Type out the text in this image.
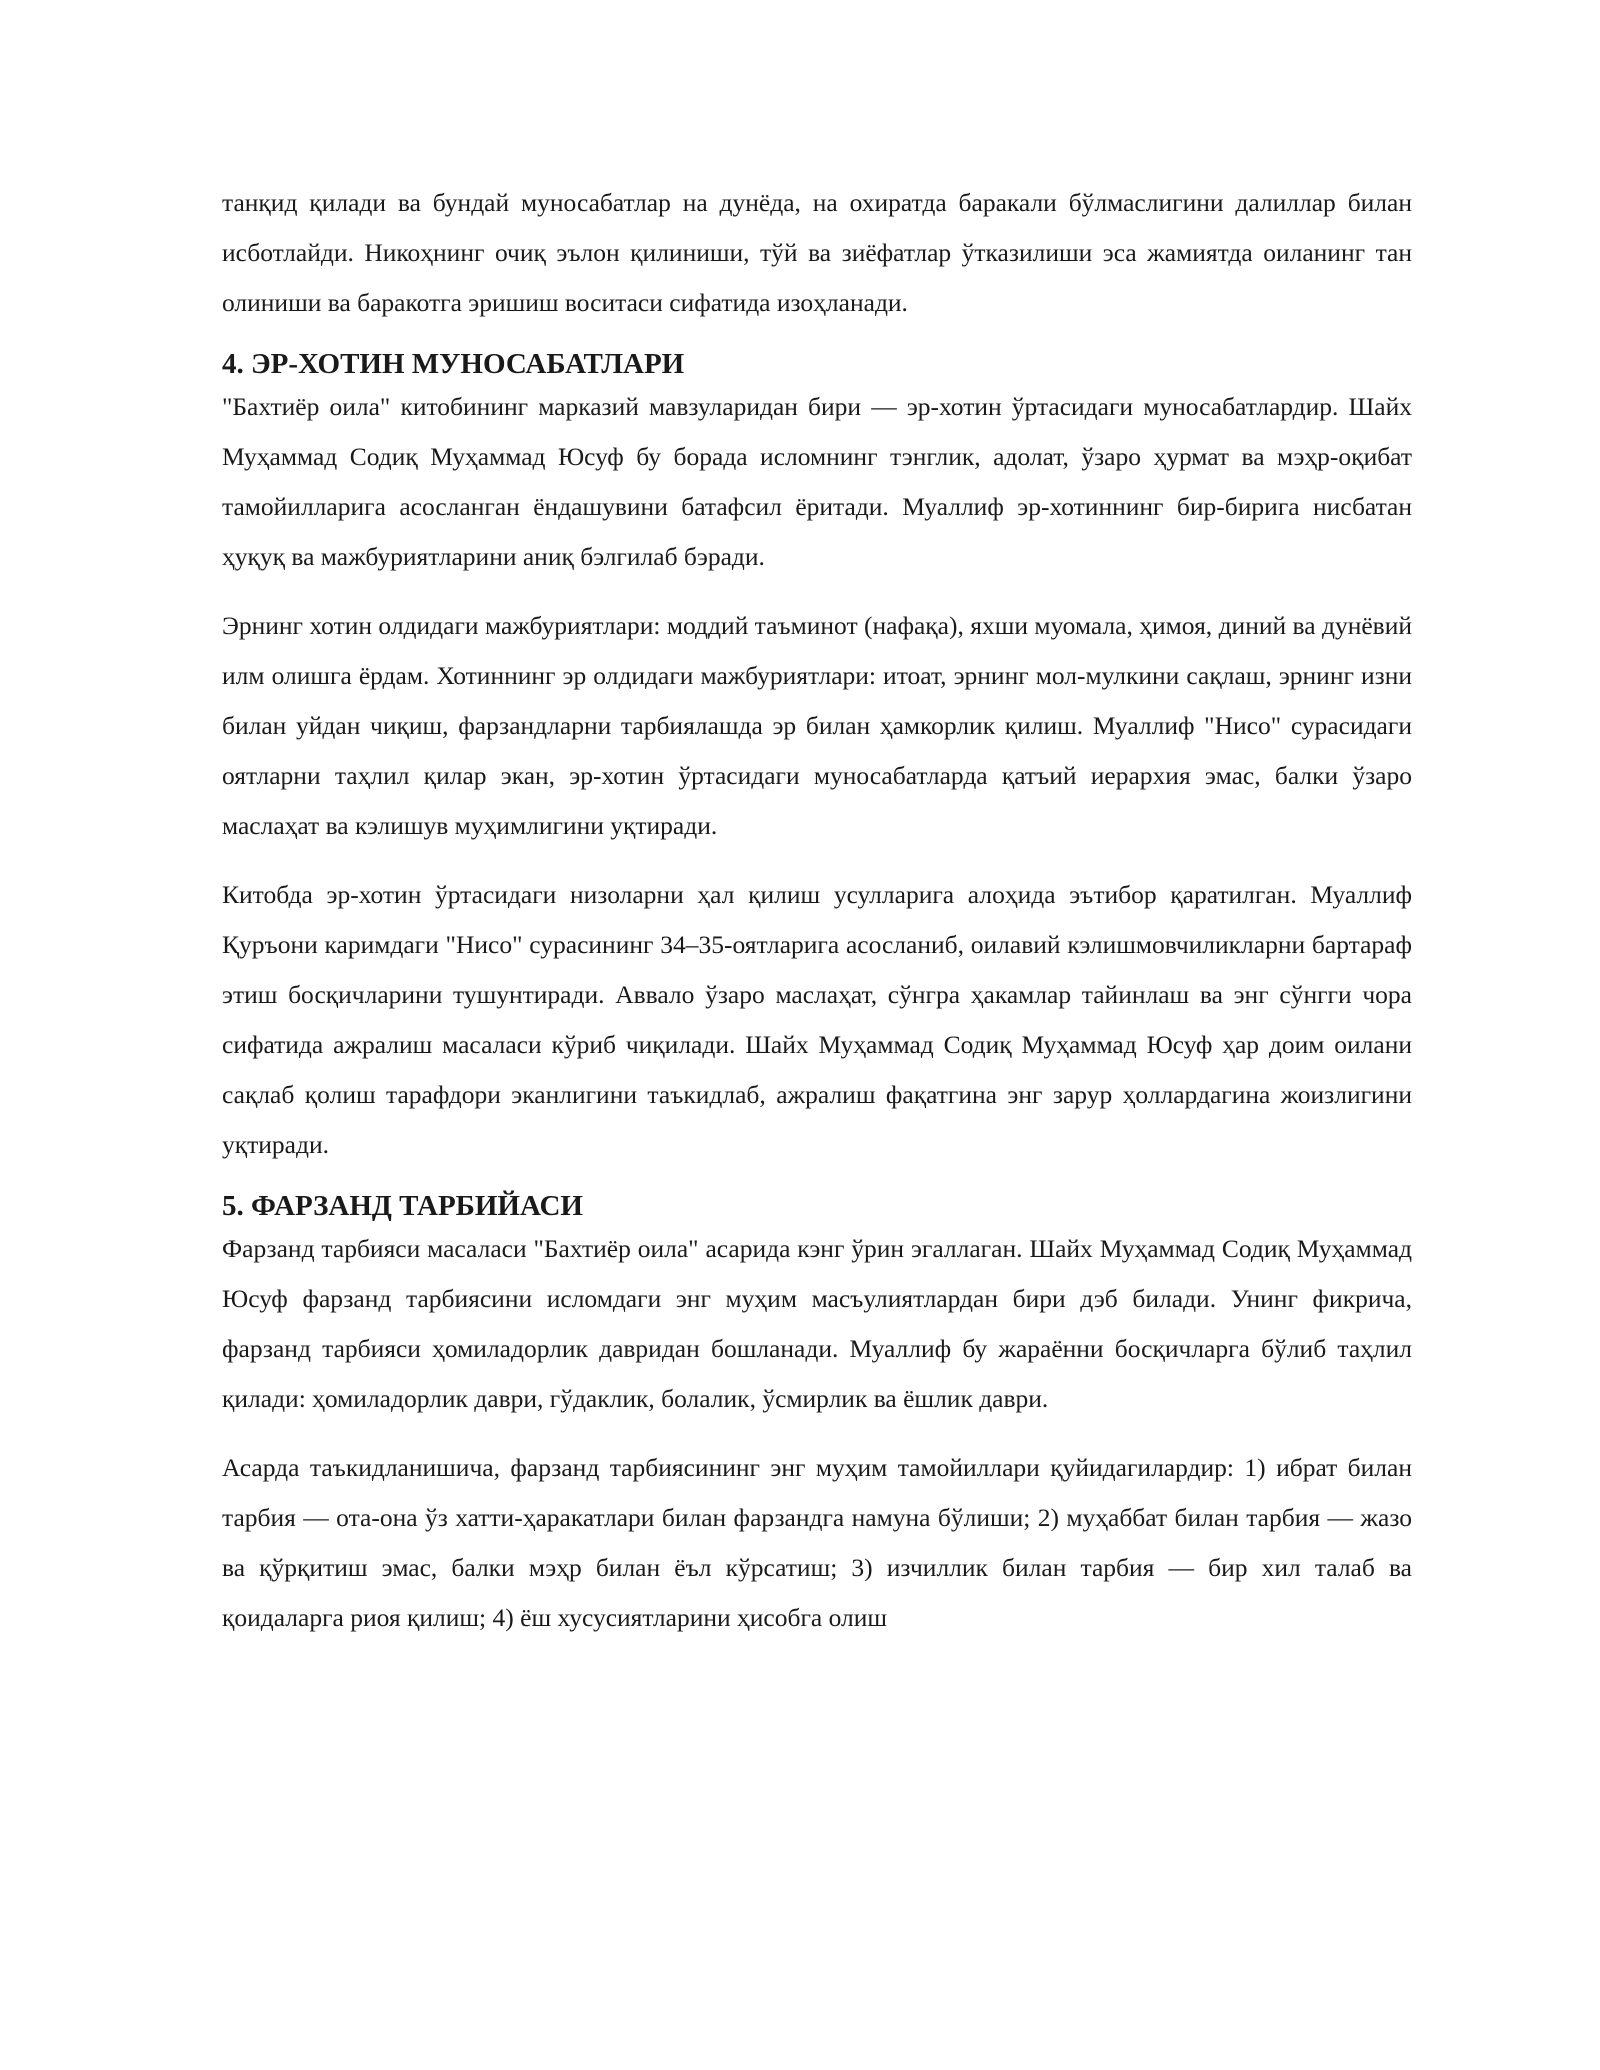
танқид қилади ва бундай муносабатлар на дунёда, на охиратда баракали бўлмаслигини далиллар билан исботлайди. Никоҳнинг очиқ эълон қилиниши, тўй ва зиёфатлар ўтказилиши эса жамиятда оиланинг тан олиниши ва баракотга эришиш воситаси сифатида изоҳланади.

4. ЭР-ХОТИН МУНОСАБАТЛАРИ

"Бахтиёр оила" китобининг марказий мавзуларидан бири — эр-хотин ўртасидаги муносабатлардир. Шайх Муҳаммад Содиқ Муҳаммад Юсуф бу борада исломнинг тэнглик, адолат, ўзаро ҳурмат ва мэҳр-оқибат тамойилларига асосланган ёндашувини батафсил ёритади. Муаллиф эр-хотиннинг бир-бирига нисбатан ҳуқуқ ва мажбуриятларини аниқ бэлгилаб бэради.

Эрнинг хотин олдидаги мажбуриятлари: моддий таъминот (нафақа), яхши муомала, ҳимоя, диний ва дунёвий илм олишга ёрдам. Хотиннинг эр олдидаги мажбуриятлари: итоат, эрнинг мол-мулкини сақлаш, эрнинг изни билан уйдан чиқиш, фарзандларни тарбиялашда эр билан ҳамкорлик қилиш. Муаллиф "Нисо" сурасидаги оятларни таҳлил қилар экан, эр-хотин ўртасидаги муносабатларда қатъий иерархия эмас, балки ўзаро маслаҳат ва кэлишув муҳимлигини уқтиради.

Китобда эр-хотин ўртасидаги низоларни ҳал қилиш усулларига алоҳида эътибор қаратилган. Муаллиф Қуръони каримдаги "Нисо" сурасининг 34–35-оятларига асосланиб, оилавий кэлишмовчиликларни бартараф этиш босқичларини тушунтиради. Аввало ўзаро маслаҳат, сўнгра ҳакамлар тайинлаш ва энг сўнгги чора сифатида ажралиш масаласи кўриб чиқилади. Шайх Муҳаммад Содиқ Муҳаммад Юсуф ҳар доим оилани сақлаб қолиш тарафдори эканлигини таъкидлаб, ажралиш фақатгина энг зарур ҳоллардагина жоизлигини уқтиради.

5. ФАРЗАНД ТАРБИЙАСИ

Фарзанд тарбияси масаласи "Бахтиёр оила" асарида кэнг ўрин эгаллаган. Шайх Муҳаммад Содиқ Муҳаммад Юсуф фарзанд тарбиясини исломдаги энг муҳим масъулиятлардан бири дэб билади. Унинг фикрича, фарзанд тарбияси ҳомиладорлик давридан бошланади. Муаллиф бу жараённи босқичларга бўлиб таҳлил қилади: ҳомиладорлик даври, гўдаклик, болалик, ўсмирлик ва ёшлик даври.

Асарда таъкидланишича, фарзанд тарбиясининг энг муҳим тамойиллари қуйидагилардир: 1) ибрат билан тарбия — ота-она ўз хатти-ҳаракатлари билан фарзандга намуна бўлиши; 2) муҳаббат билан тарбия — жазо ва қўрқитиш эмас, балки мэҳр билан ёъл кўрсатиш; 3) изчиллик билан тарбия — бир хил талаб ва қоидаларга риоя қилиш; 4) ёш хусусиятларини ҳисобга олиш
